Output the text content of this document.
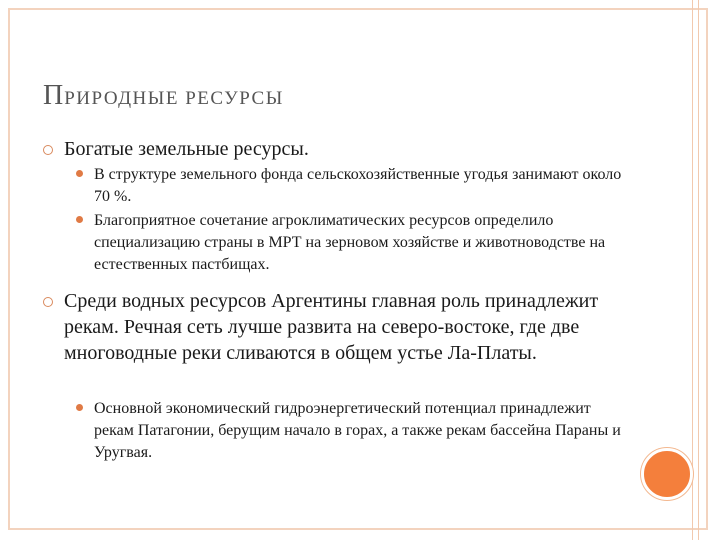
ПРИРОДНЫЕ РЕСУРСЫ

Богатые земельные ресурсы.

В структуре земельного фонда сельскохозяйственные угодья занимают около 70 %.

Благоприятное сочетание агроклиматических ресурсов определило специализацию страны в МРТ на зерновом хозяйстве и животноводстве на естественных пастбищах.

Среди водных ресурсов Аргентины главная роль принадлежит рекам. Речная сеть лучше развита на северо-востоке, где две многоводные реки сливаются в общем устье Ла-Платы.

Основной экономический гидроэнергетический потенциал принадлежит рекам Патагонии, берущим начало в горах, а также рекам бассейна Параны и Уругвая.
